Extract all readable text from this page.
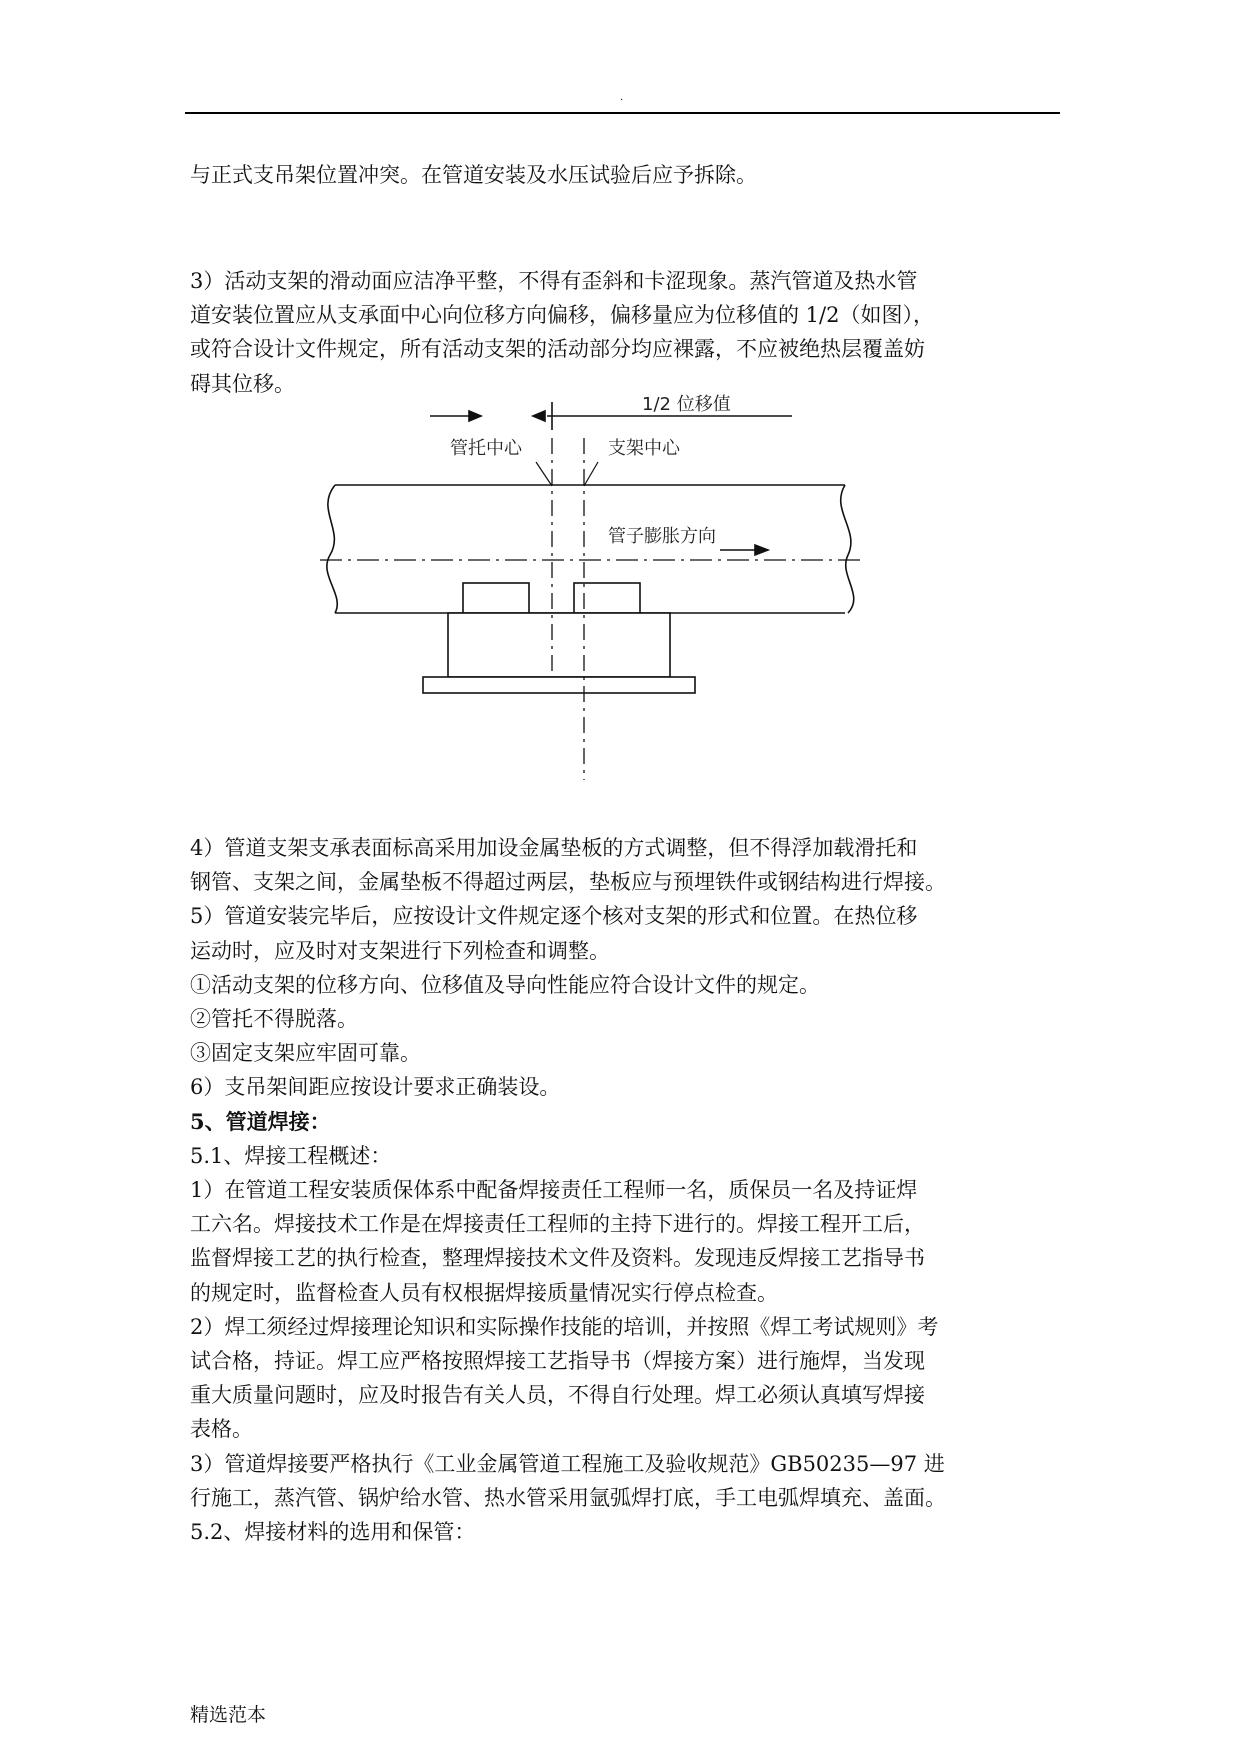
.
与正式支吊架位置冲突。在管道安装及水压试验后应予拆除。

3）活动支架的滑动面应洁净平整，不得有歪斜和卡涩现象。蒸汽管道及热水管

道安装位置应从支承面中心向位移方向偏移，偏移量应为位移值的 1/2（如图），

或符合设计文件规定，所有活动支架的活动部分均应裸露，不应被绝热层覆盖妨

碍其位移。

1/2 位移值
管托中心	支架中心
管子膨胀方向

4）管道支架支承表面标高采用加设金属垫板的方式调整，但不得浮加载滑托和

钢管、支架之间，金属垫板不得超过两层，垫板应与预埋铁件或钢结构进行焊接。

5）管道安装完毕后，应按设计文件规定逐个核对支架的形式和位置。在热位移

运动时，应及时对支架进行下列检查和调整。

①活动支架的位移方向、位移值及导向性能应符合设计文件的规定。

②管托不得脱落。

③固定支架应牢固可靠。

6）支吊架间距应按设计要求正确装设。

5、管道焊接：

5.1、焊接工程概述：

1）在管道工程安装质保体系中配备焊接责任工程师一名，质保员一名及持证焊

工六名。焊接技术工作是在焊接责任工程师的主持下进行的。焊接工程开工后，

监督焊接工艺的执行检查，整理焊接技术文件及资料。发现违反焊接工艺指导书

的规定时，监督检查人员有权根据焊接质量情况实行停点检查。

2）焊工须经过焊接理论知识和实际操作技能的培训，并按照《焊工考试规则》考

试合格，持证。焊工应严格按照焊接工艺指导书（焊接方案）进行施焊，当发现

重大质量问题时，应及时报告有关人员，不得自行处理。焊工必须认真填写焊接

表格。

3）管道焊接要严格执行《工业金属管道工程施工及验收规范》GB50235—97 进

行施工，蒸汽管、锅炉给水管、热水管采用氩弧焊打底，手工电弧焊填充、盖面。

5.2、焊接材料的选用和保管：

精选范本
